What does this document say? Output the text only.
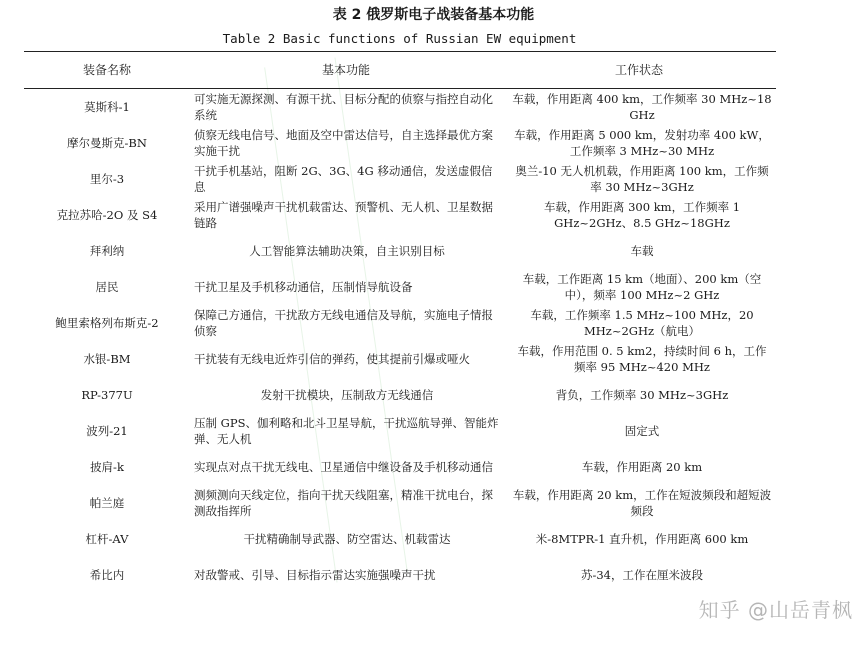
表 2 俄罗斯电子战装备基本功能
Table 2 Basic functions of Russian EW equipment
装备名称	基本功能	工作状态
莫斯科-1	可实施无源探测、有源干扰、目标分配的侦察与指控自动化系统	车载，作用距离 400 km，工作频率 30 MHz~18 GHz
摩尔曼斯克-BN	侦察无线电信号、地面及空中雷达信号，自主选择最优方案实施干扰	车载，作用距离 5 000 km，发射功率 400 kW，工作频率 3 MHz~30 MHz
里尔-3	干扰手机基站，阻断 2G、3G、4G 移动通信，发送虚假信息	奥兰-10 无人机机载，作用距离 100 km，工作频率 30 MHz~3GHz
克拉苏哈-2O 及 S4	采用广谱强噪声干扰机载雷达、预警机、无人机、卫星数据链路	车载，作用距离 300 km，工作频率 1 GHz~2GHz、8.5 GHz~18GHz
拜利纳	人工智能算法辅助决策，自主识别目标	车载
居民	干扰卫星及手机移动通信，压制悄导航设备	车载，工作距离 15 km（地面）、200 km（空中），频率 100 MHz~2 GHz
鲍里索格列布斯克-2	保障己方通信，干扰敌方无线电通信及导航，实施电子情报侦察	车载，工作频率 1.5 MHz~100 MHz，20 MHz~2GHz（航电）
水银-BM	干扰装有无线电近炸引信的弹药，使其提前引爆或哑火	车载，作用范围 0. 5 km2，持续时间 6 h，工作频率 95 MHz~420 MHz
RP-377U	发射干扰模块，压制敌方无线通信	背负，工作频率 30 MHz~3GHz
波列-21	压制 GPS、伽利略和北斗卫星导航，干扰巡航导弹、智能炸弹、无人机	固定式
披肩-k	实现点对点干扰无线电、卫星通信中继设备及手机移动通信	车载，作用距离 20 km
帕兰庭	测频测向天线定位，指向干扰天线阻塞，精准干扰电台，探测敌指挥所	车载，作用距离 20 km，工作在短波频段和超短波频段
杠杆-AV	干扰精确制导武器、防空雷达、机载雷达	米-8MTPR-1 直升机，作用距离 600 km
希比内	对敌警戒、引导、目标指示雷达实施强噪声干扰	苏-34，工作在厘米波段
知乎 @山岳青枫
